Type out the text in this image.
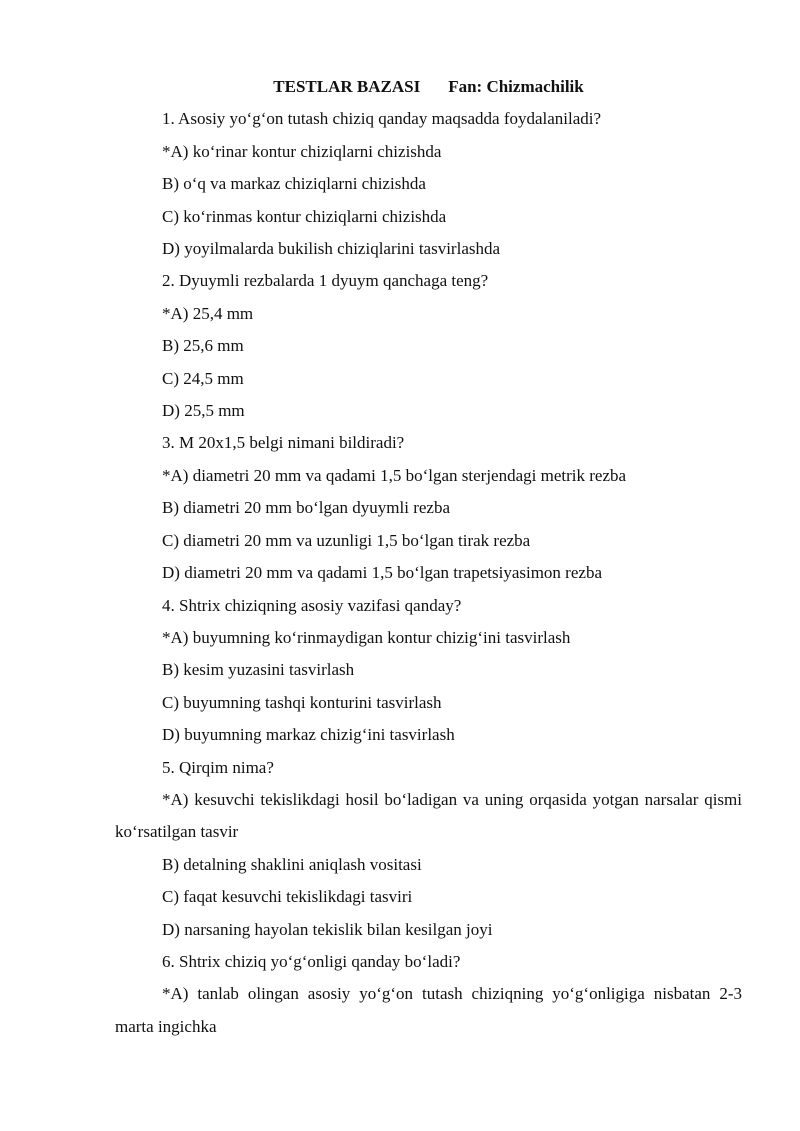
TESTLAR BAZASI Fan: Chizmachilik

1. Asosiy yo‘g‘on tutash chiziq qanday maqsadda foydalaniladi?

*A) ko‘rinar kontur chiziqlarni chizishda

B) o‘q va markaz chiziqlarni chizishda

C) ko‘rinmas kontur chiziqlarni chizishda

D) yoyilmalarda bukilish chiziqlarini tasvirlashda

2. Dyuymli rezbalarda 1 dyuym qanchaga teng?

*A) 25,4 mm

B) 25,6 mm

C) 24,5 mm

D) 25,5 mm

3. M 20x1,5 belgi nimani bildiradi?

*A) diametri 20 mm va qadami 1,5 bo‘lgan sterjendagi metrik rezba

B) diametri 20 mm bo‘lgan dyuymli rezba

C) diametri 20 mm va uzunligi 1,5 bo‘lgan tirak rezba

D) diametri 20 mm va qadami 1,5 bo‘lgan trapetsiyasimon rezba

4. Shtrix chiziqning asosiy vazifasi qanday?

*A) buyumning ko‘rinmaydigan kontur chizig‘ini tasvirlash

B) kesim yuzasini tasvirlash

C) buyumning tashqi konturini tasvirlash

D) buyumning markaz chizig‘ini tasvirlash

5. Qirqim nima?

*A) kesuvchi tekislikdagi hosil bo‘ladigan va uning orqasida yotgan narsalar qismi ko‘rsatilgan tasvir

B) detalning shaklini aniqlash vositasi

C) faqat kesuvchi tekislikdagi tasviri

D) narsaning hayolan tekislik bilan kesilgan joyi

6. Shtrix chiziq yo‘g‘onligi qanday bo‘ladi?

*A) tanlab olingan asosiy yo‘g‘on tutash chiziqning yo‘g‘onligiga nisbatan 2-3 marta ingichka
